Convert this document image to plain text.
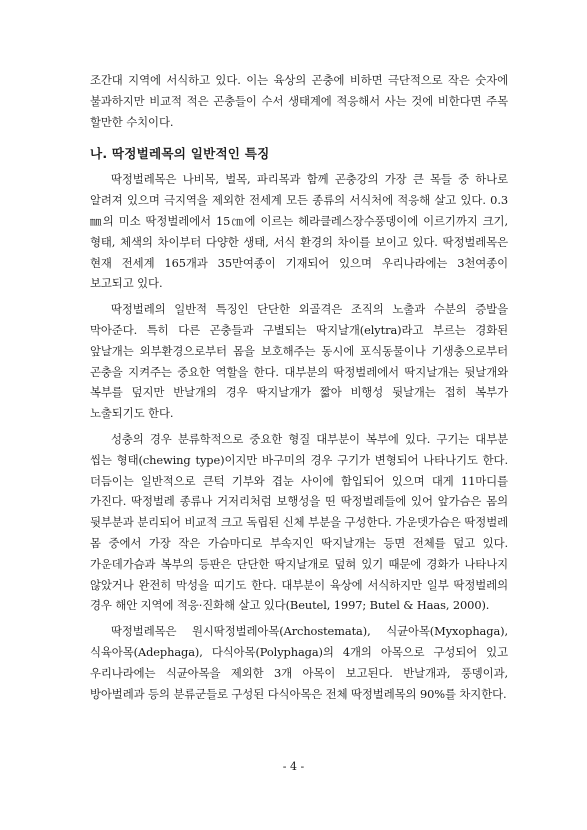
조간대 지역에 서식하고 있다. 이는 육상의 곤충에 비하면 극단적으로 작은 숫자에 불과하지만 비교적 적은 곤충들이 수서 생태계에 적응해서 사는 것에 비한다면 주목 할만한 수치이다.

나. 딱정벌레목의 일반적인 특징

딱정벌레목은 나비목, 벌목, 파리목과 함께 곤충강의 가장 큰 목들 중 하나로 알려져 있으며 극지역을 제외한 전세계 모든 종류의 서식처에 적응해 살고 있다. 0.3㎜의 미소 딱정벌레에서 15㎝에 이르는 헤라클레스장수풍뎅이에 이르기까지 크기, 형태, 체색의 차이부터 다양한 생태, 서식 환경의 차이를 보이고 있다. 딱정벌레목은 현재 전세계 165개과 35만여종이 기재되어 있으며 우리나라에는 3천여종이 보고되고 있다.

딱정벌레의 일반적 특징인 단단한 외골격은 조직의 노출과 수분의 증발을 막아준다. 특히 다른 곤충들과 구별되는 딱지날개(elytra)라고 부르는 경화된 앞날개는 외부환경으로부터 몸을 보호해주는 동시에 포식동물이나 기생충으로부터 곤충을 지켜주는 중요한 역할을 한다. 대부분의 딱정벌레에서 딱지날개는 뒷날개와 복부를 덮지만 반날개의 경우 딱지날개가 짧아 비행성 뒷날개는 접히 복부가 노출되기도 한다.

성충의 경우 분류학적으로 중요한 형질 대부분이 복부에 있다. 구기는 대부분 씹는 형태(chewing type)이지만 바구미의 경우 구기가 변형되어 나타나기도 한다. 더듬이는 일반적으로 큰턱 기부와 겹눈 사이에 함입되어 있으며 대게 11마디를 가진다. 딱정벌레 종류나 거저리처럼 보행성을 띤 딱정벌레들에 있어 앞가슴은 몸의 뒷부분과 분리되어 비교적 크고 독립된 신체 부분을 구성한다. 가운뎃가슴은 딱정벌레 몸 중에서 가장 작은 가슴마디로 부속지인 딱지날개는 등면 전체를 덮고 있다. 가운데가슴과 복부의 등판은 단단한 딱지날개로 덮혀 있기 때문에 경화가 나타나지 않았거나 완전히 막성을 띠기도 한다. 대부분이 육상에 서식하지만 일부 딱정벌레의 경우 해안 지역에 적응·진화해 살고 있다(Beutel, 1997; Butel & Haas, 2000).

딱정벌레목은 원시딱정벌레아목(Archostemata), 식균아목(Myxophaga), 식육아목(Adephaga), 다식아목(Polyphaga)의 4개의 아목으로 구성되어 있고 우리나라에는 식균아목을 제외한 3개 아목이 보고된다. 반날개과, 풍뎅이과, 방아벌레과 등의 분류군들로 구성된 다식아목은 전체 딱정벌레목의 90%를 차지한다.

- 4 -
